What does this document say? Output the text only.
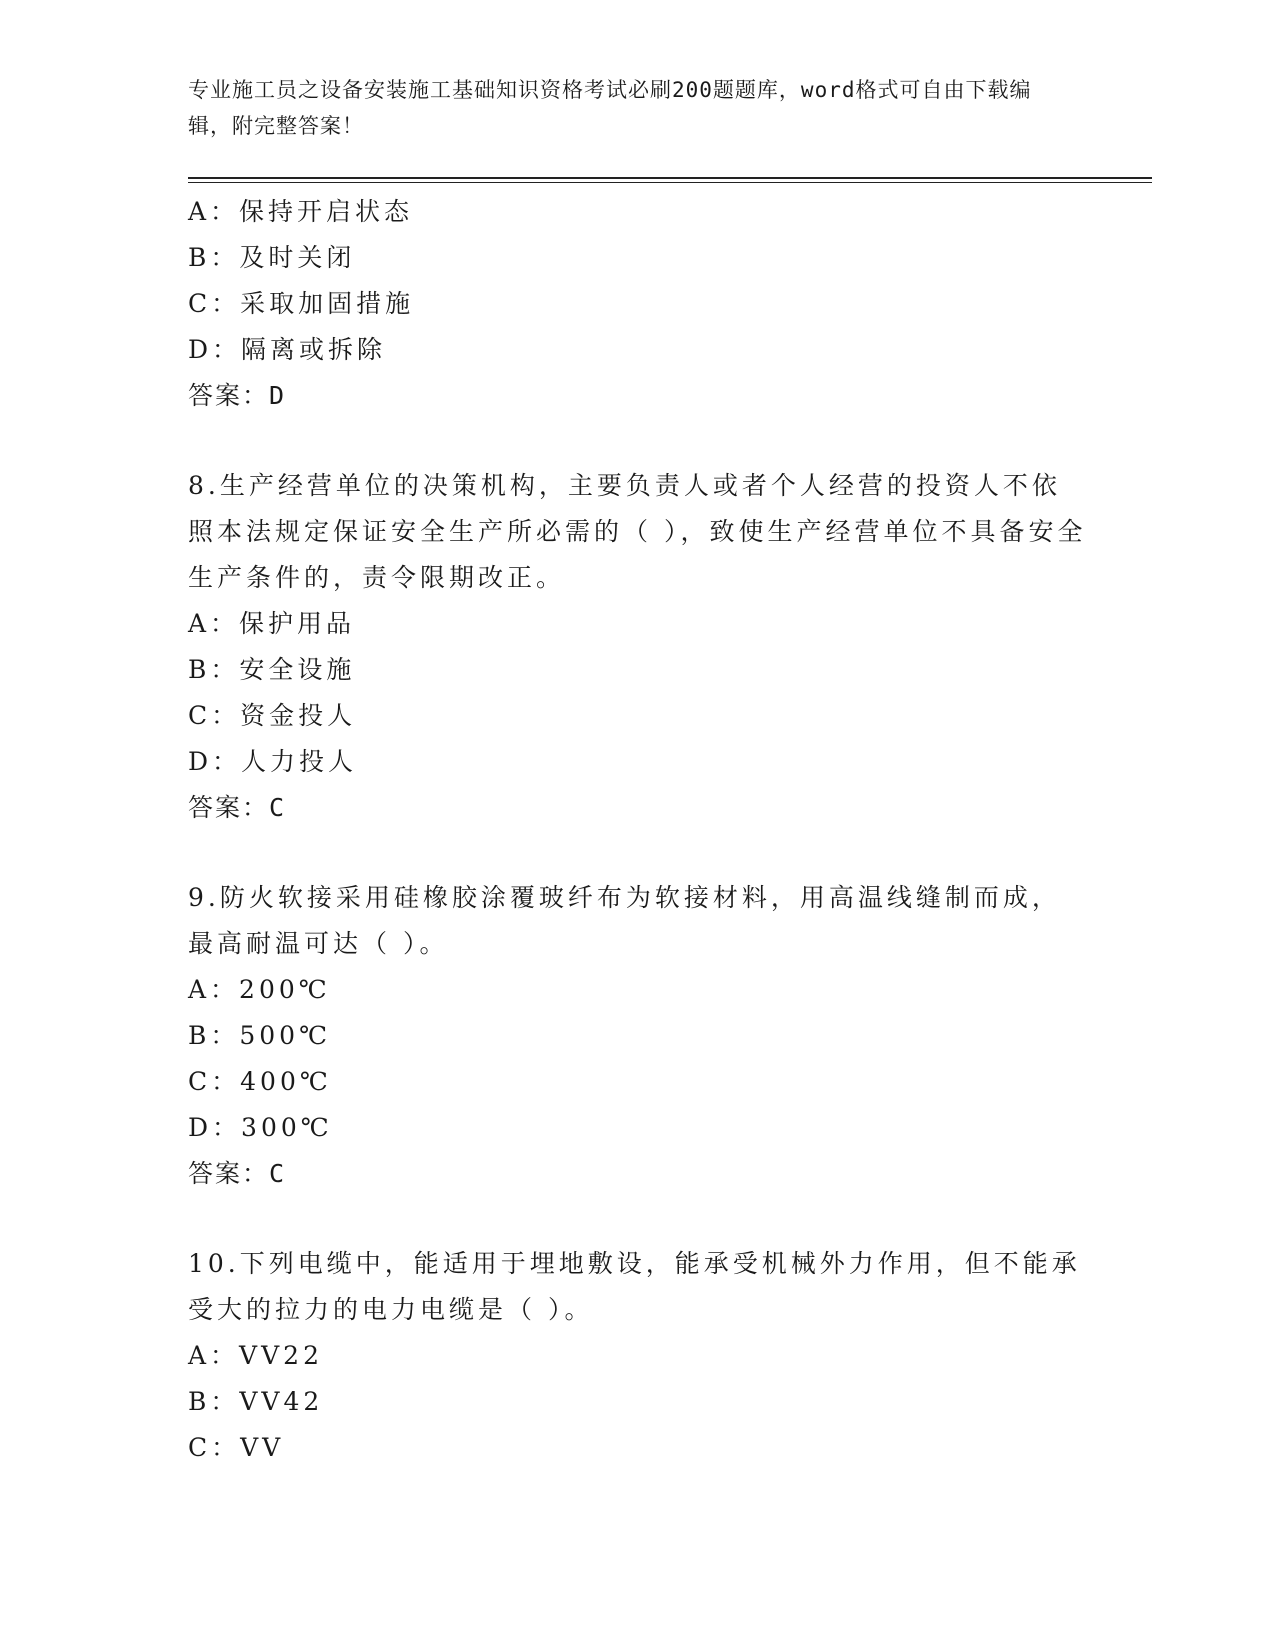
专业施工员之设备安装施工基础知识资格考试必刷200题题库，word格式可自由下载编辑，附完整答案！
A：保持开启状态
B：及时关闭
C：采取加固措施
D：隔离或拆除
答案：D
8.生产经营单位的决策机构，主要负责人或者个人经营的投资人不依照本法规定保证安全生产所必需的（ ），致使生产经营单位不具备安全生产条件的，责令限期改正。
A：保护用品
B：安全设施
C：资金投人
D：人力投人
答案：C
9.防火软接采用硅橡胶涂覆玻纤布为软接材料，用高温线缝制而成，最高耐温可达（ ）。
A：200℃
B：500℃
C：400℃
D：300℃
答案：C
10.下列电缆中，能适用于埋地敷设，能承受机械外力作用，但不能承受大的拉力的电力电缆是（ ）。
A：VV22
B：VV42
C：VV
